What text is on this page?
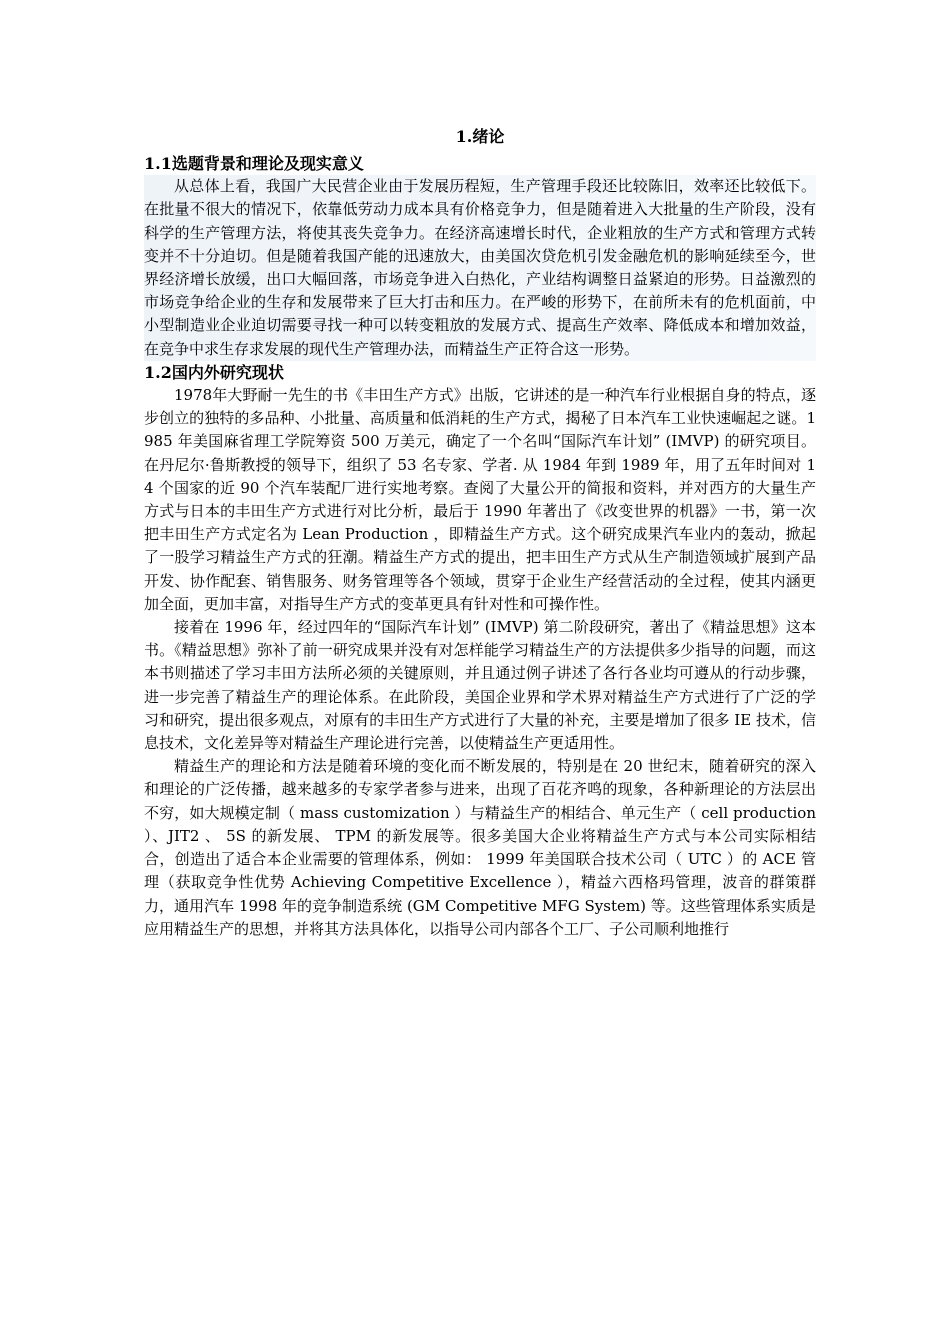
1.绪论
1.1选题背景和理论及现实意义

从总体上看，我国广大民营企业由于发展历程短，生产管理手段还比较陈旧，效率还比较低下。在批量不很大的情况下，依靠低劳动力成本具有价格竞争力，但是随着进入大批量的生产阶段，没有科学的生产管理方法，将使其丧失竞争力。在经济高速增长时代，企业粗放的生产方式和管理方式转变并不十分迫切。但是随着我国产能的迅速放大，由美国次贷危机引发金融危机的影响延续至今，世界经济增长放缓，出口大幅回落，市场竞争进入白热化，产业结构调整日益紧迫的形势。日益激烈的市场竞争给企业的生存和发展带来了巨大打击和压力。在严峻的形势下，在前所未有的危机面前，中小型制造业企业迫切需要寻找一种可以转变粗放的发展方式、提高生产效率、降低成本和增加效益，在竞争中求生存求发展的现代生产管理办法，而精益生产正符合这一形势。

1.2国内外研究现状

1978年大野耐一先生的书《丰田生产方式》出版，它讲述的是一种汽车行业根据自身的特点，逐步创立的独特的多品种、小批量、高质量和低消耗的生产方式，揭秘了日本汽车工业快速崛起之谜。1985 年美国麻省理工学院筹资 500 万美元，确定了一个名叫“国际汽车计划” (IMVP) 的研究项目。在丹尼尔·鲁斯教授的领导下，组织了 53 名专家、学者. 从 1984 年到 1989 年，用了五年时间对 14 个国家的近 90 个汽车装配厂进行实地考察。查阅了大量公开的简报和资料，并对西方的大量生产方式与日本的丰田生产方式进行对比分析，最后于 1990 年著出了《改变世界的机器》一书，第一次把丰田生产方式定名为 Lean Production ，即精益生产方式。这个研究成果汽车业内的轰动，掀起了一股学习精益生产方式的狂潮。精益生产方式的提出，把丰田生产方式从生产制造领域扩展到产品开发、协作配套、销售服务、财务管理等各个领域，贯穿于企业生产经营活动的全过程，使其内涵更加全面，更加丰富，对指导生产方式的变革更具有针对性和可操作性。

接着在 1996 年，经过四年的“国际汽车计划” (IMVP) 第二阶段研究，著出了《精益思想》这本书。《精益思想》弥补了前一研究成果并没有对怎样能学习精益生产的方法提供多少指导的问题，而这本书则描述了学习丰田方法所必须的关键原则，并且通过例子讲述了各行各业均可遵从的行动步骤，进一步完善了精益生产的理论体系。在此阶段，美国企业界和学术界对精益生产方式进行了广泛的学习和研究，提出很多观点，对原有的丰田生产方式进行了大量的补充，主要是增加了很多 IE 技术，信息技术，文化差异等对精益生产理论进行完善，以使精益生产更适用性。

精益生产的理论和方法是随着环境的变化而不断发展的，特别是在 20 世纪末，随着研究的深入和理论的广泛传播，越来越多的专家学者参与进来，出现了百花齐鸣的现象，各种新理论的方法层出不穷，如大规模定制（ mass customization ）与精益生产的相结合、单元生产（ cell production ）、JIT2 、 5S 的新发展、 TPM 的新发展等。很多美国大企业将精益生产方式与本公司实际相结合，创造出了适合本企业需要的管理体系，例如： 1999 年美国联合技术公司（ UTC ）的 ACE 管理（获取竞争性优势 Achieving Competitive Excellence ），精益六西格玛管理，波音的群策群力，通用汽车 1998 年的竞争制造系统 (GM Competitive MFG System) 等。这些管理体系实质是应用精益生产的思想，并将其方法具体化，以指导公司内部各个工厂、子公司顺利地推行
